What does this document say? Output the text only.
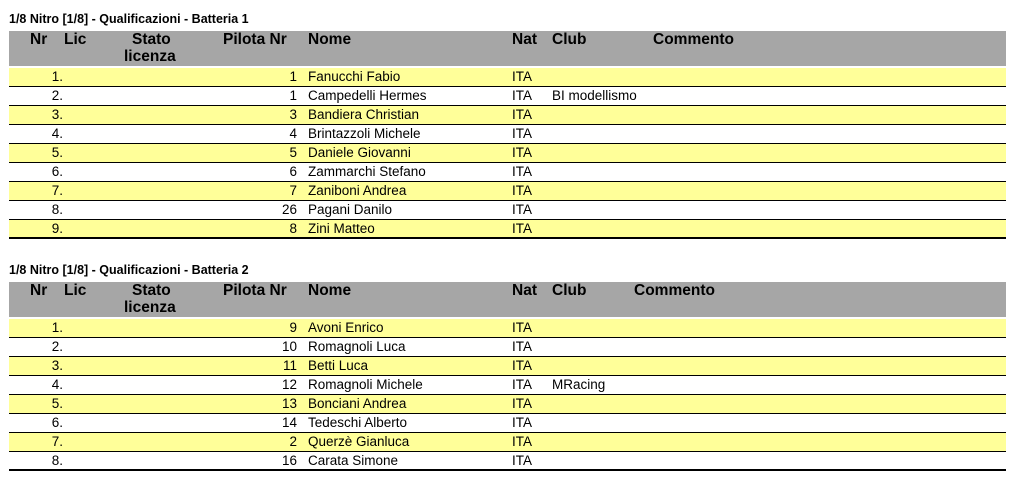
1/8 Nitro [1/8] - Qualificazioni - Batteria 1
Nr Lic	Stato
licenza
Pilota Nr Nome	Nat Club	Commento
1.	1 Fanucchi Fabio	ITA
2.	1 Campedelli Hermes	ITA BI modellismo
3.	3 Bandiera Christian	ITA
4.	4 Brintazzoli Michele	ITA
5.	5 Daniele Giovanni	ITA
6.	6 Zammarchi Stefano	ITA
7.	7 Zaniboni Andrea	ITA
8.	26 Pagani Danilo	ITA
9.	8 Zini Matteo	ITA
1/8 Nitro [1/8] - Qualificazioni - Batteria 2
Nr Lic	Stato
licenza
Pilota Nr Nome	Nat Club	Commento
1.	9 Avoni Enrico	ITA
2.	10 Romagnoli Luca	ITA
3.	11 Betti Luca	ITA
4.	12 Romagnoli Michele	ITA MRacing
5.	13 Bonciani Andrea	ITA
6.	14 Tedeschi Alberto	ITA
7.	2 Querzè Gianluca	ITA
8.	16 Carata Simone	ITA
